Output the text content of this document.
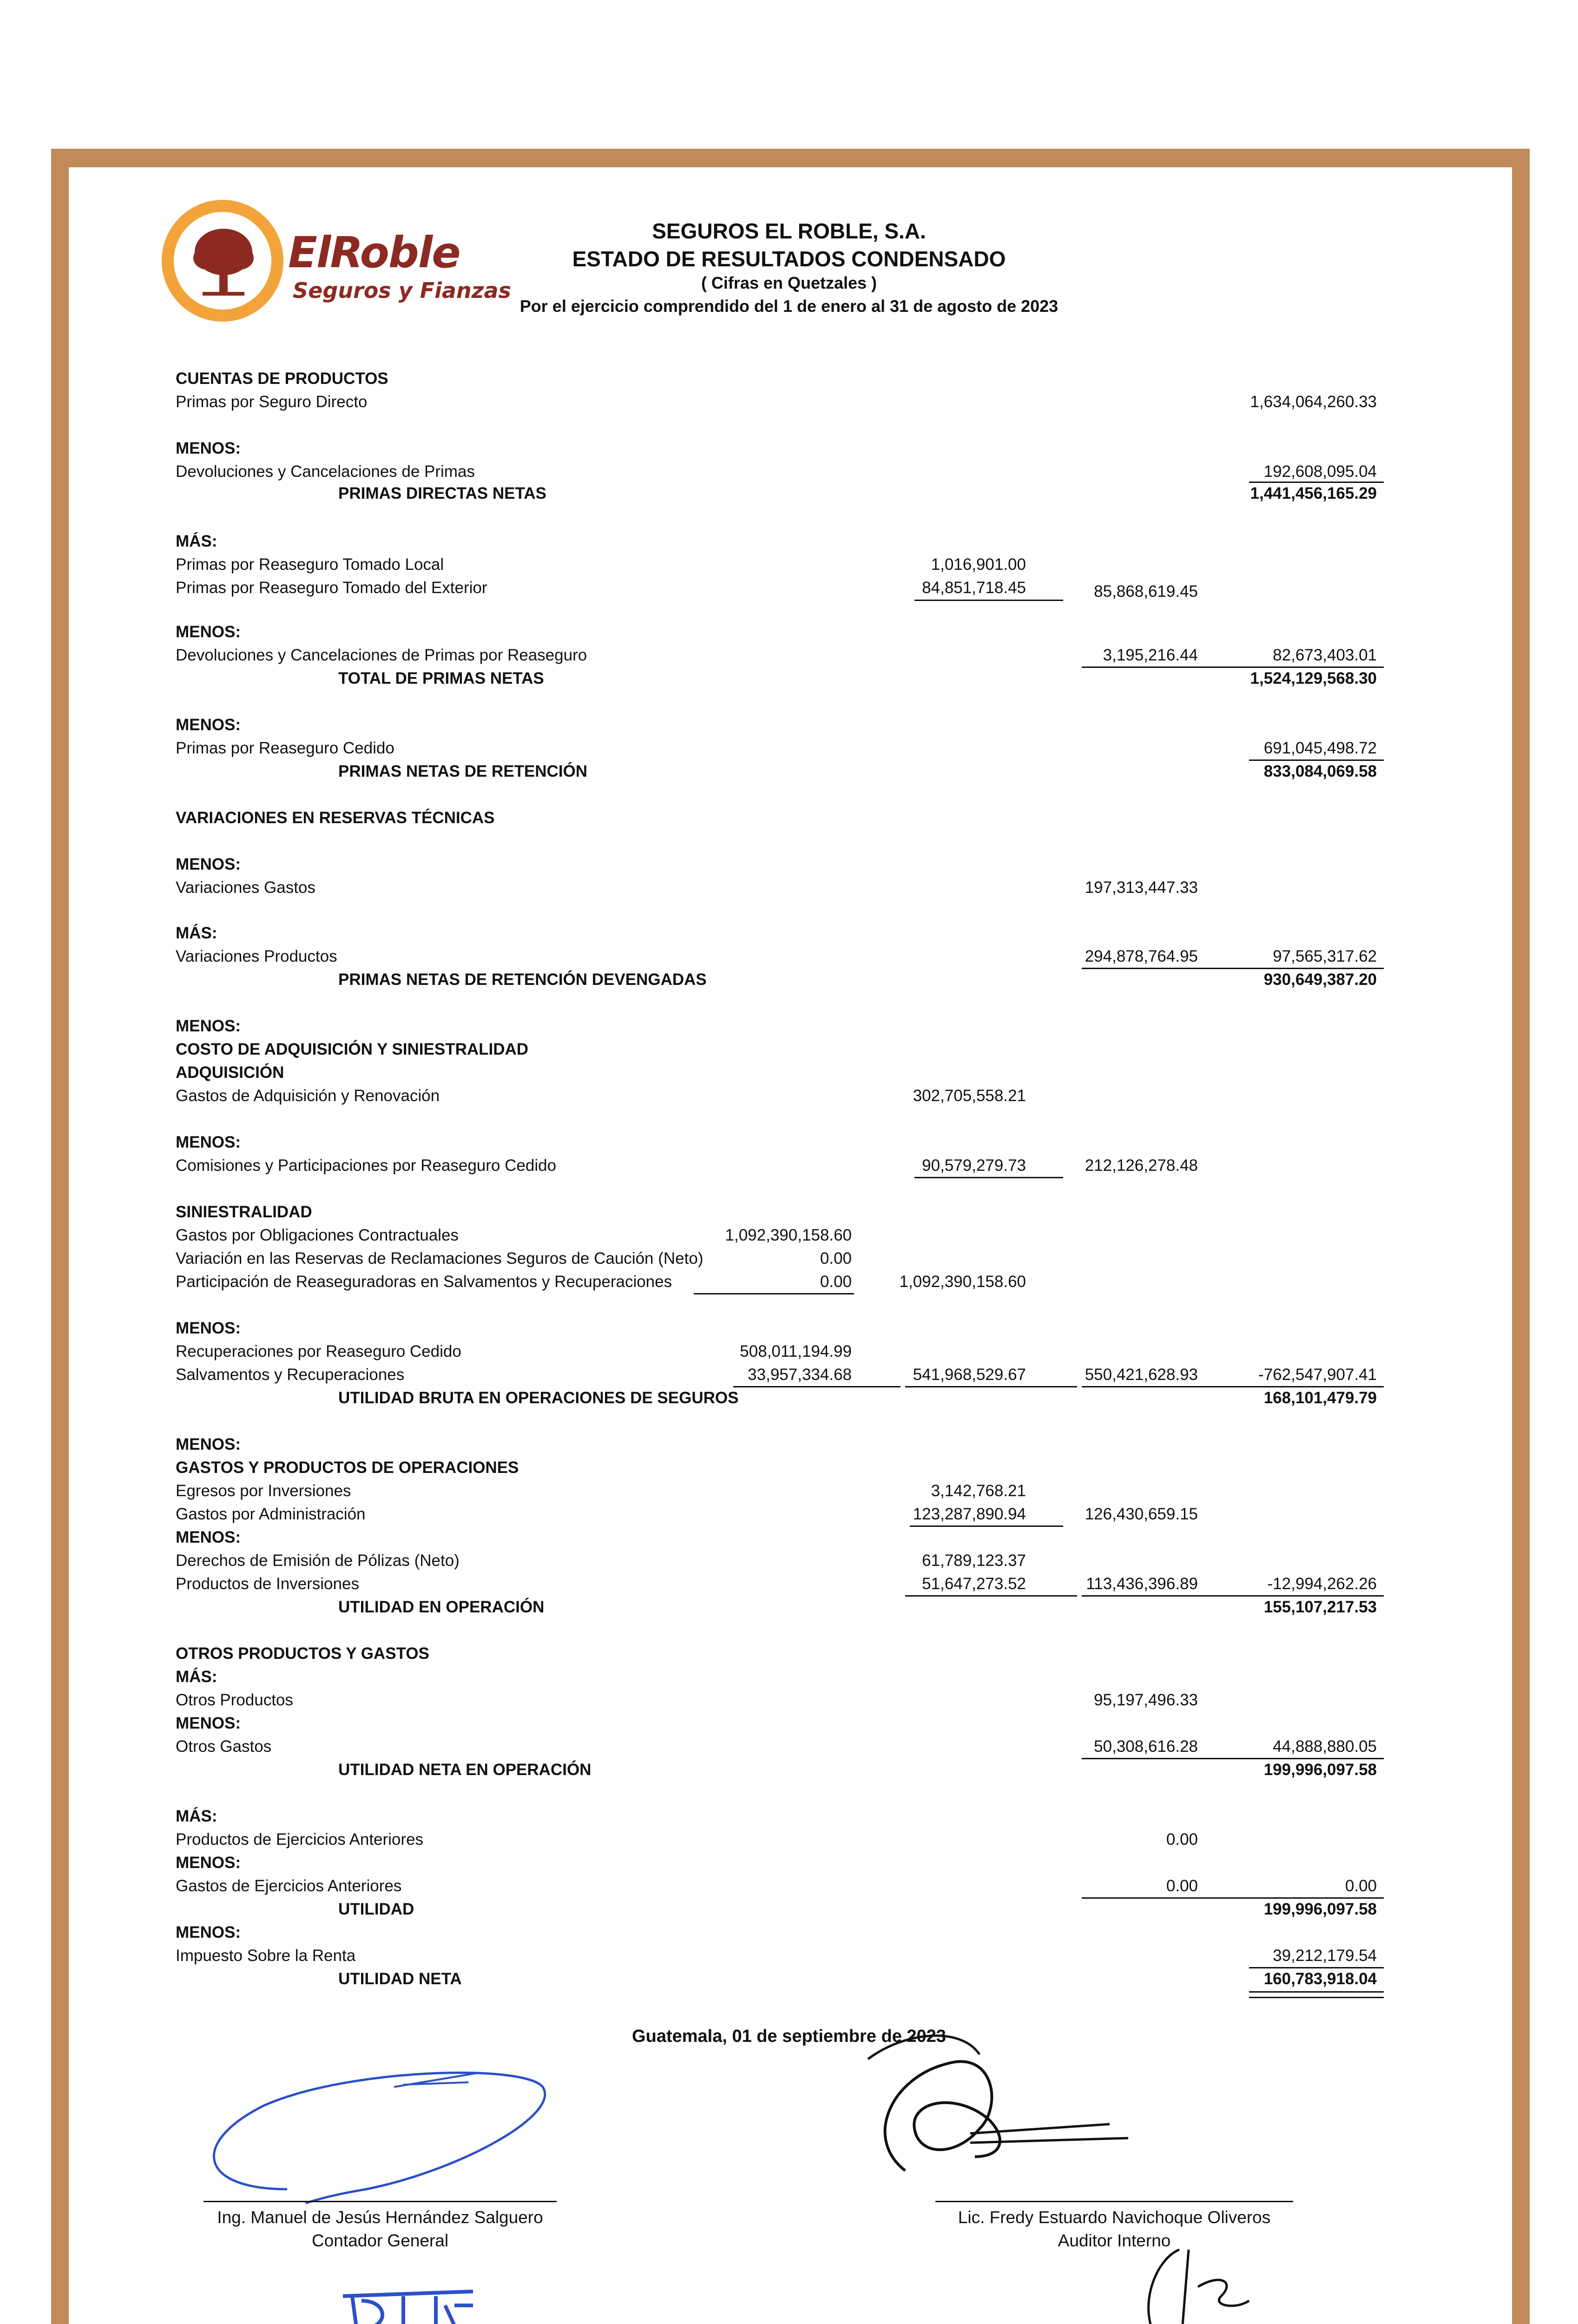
ElRoble
Seguros y Fianzas
SEGUROS EL ROBLE, S.A.
ESTADO DE RESULTADOS CONDENSADO
( Cifras en Quetzales )
Por el ejercicio comprendido del 1 de enero al 31 de agosto de 2023
CUENTAS DE PRODUCTOS
Primas por Seguro Directo	1,634,064,260.33
MENOS:
Devoluciones y Cancelaciones de Primas	192,608,095.04
PRIMAS DIRECTAS NETAS	1,441,456,165.29
MÁS:
Primas por Reaseguro Tomado Local	1,016,901.00
Primas por Reaseguro Tomado del Exterior	84,851,718.45	85,868,619.45
MENOS:
Devoluciones y Cancelaciones de Primas por Reaseguro	3,195,216.44	82,673,403.01
TOTAL DE PRIMAS NETAS	1,524,129,568.30
MENOS:
Primas por Reaseguro Cedido	691,045,498.72
PRIMAS NETAS DE RETENCIÓN	833,084,069.58
VARIACIONES EN RESERVAS TÉCNICAS
MENOS:
Variaciones Gastos	197,313,447.33
MÁS:
Variaciones Productos	294,878,764.95	97,565,317.62
PRIMAS NETAS DE RETENCIÓN DEVENGADAS	930,649,387.20
MENOS:
COSTO DE ADQUISICIÓN Y SINIESTRALIDAD
ADQUISICIÓN
Gastos de Adquisición y Renovación	302,705,558.21
MENOS:
Comisiones y Participaciones por Reaseguro Cedido	90,579,279.73	212,126,278.48
SINIESTRALIDAD
Gastos por Obligaciones Contractuales	1,092,390,158.60
Variación en las Reservas de Reclamaciones Seguros de Caución (Neto)	0.00
Participación de Reaseguradoras en Salvamentos y Recuperaciones	0.00	1,092,390,158.60
MENOS:
Recuperaciones por Reaseguro Cedido	508,011,194.99
Salvamentos y Recuperaciones	33,957,334.68	541,968,529.67	550,421,628.93	-762,547,907.41
UTILIDAD BRUTA EN OPERACIONES DE SEGUROS	168,101,479.79
MENOS:
GASTOS Y PRODUCTOS DE OPERACIONES
Egresos por Inversiones	3,142,768.21
Gastos por Administración	123,287,890.94	126,430,659.15
MENOS:
Derechos de Emisión de Pólizas (Neto)	61,789,123.37
Productos de Inversiones	51,647,273.52	113,436,396.89	-12,994,262.26
UTILIDAD EN OPERACIÓN	155,107,217.53
OTROS PRODUCTOS Y GASTOS
MÁS:
Otros Productos	95,197,496.33
MENOS:
Otros Gastos	50,308,616.28	44,888,880.05
UTILIDAD NETA EN OPERACIÓN	199,996,097.58
MÁS:
Productos de Ejercicios Anteriores	0.00
MENOS:
Gastos de Ejercicios Anteriores	0.00	0.00
UTILIDAD	199,996,097.58
MENOS:
Impuesto Sobre la Renta	39,212,179.54
UTILIDAD NETA	160,783,918.04
Guatemala, 01 de septiembre de 2023
Ing. Manuel de Jesús Hernández Salguero
Contador General
Lic. Fredy Estuardo Navichoque Oliveros
Auditor Interno
